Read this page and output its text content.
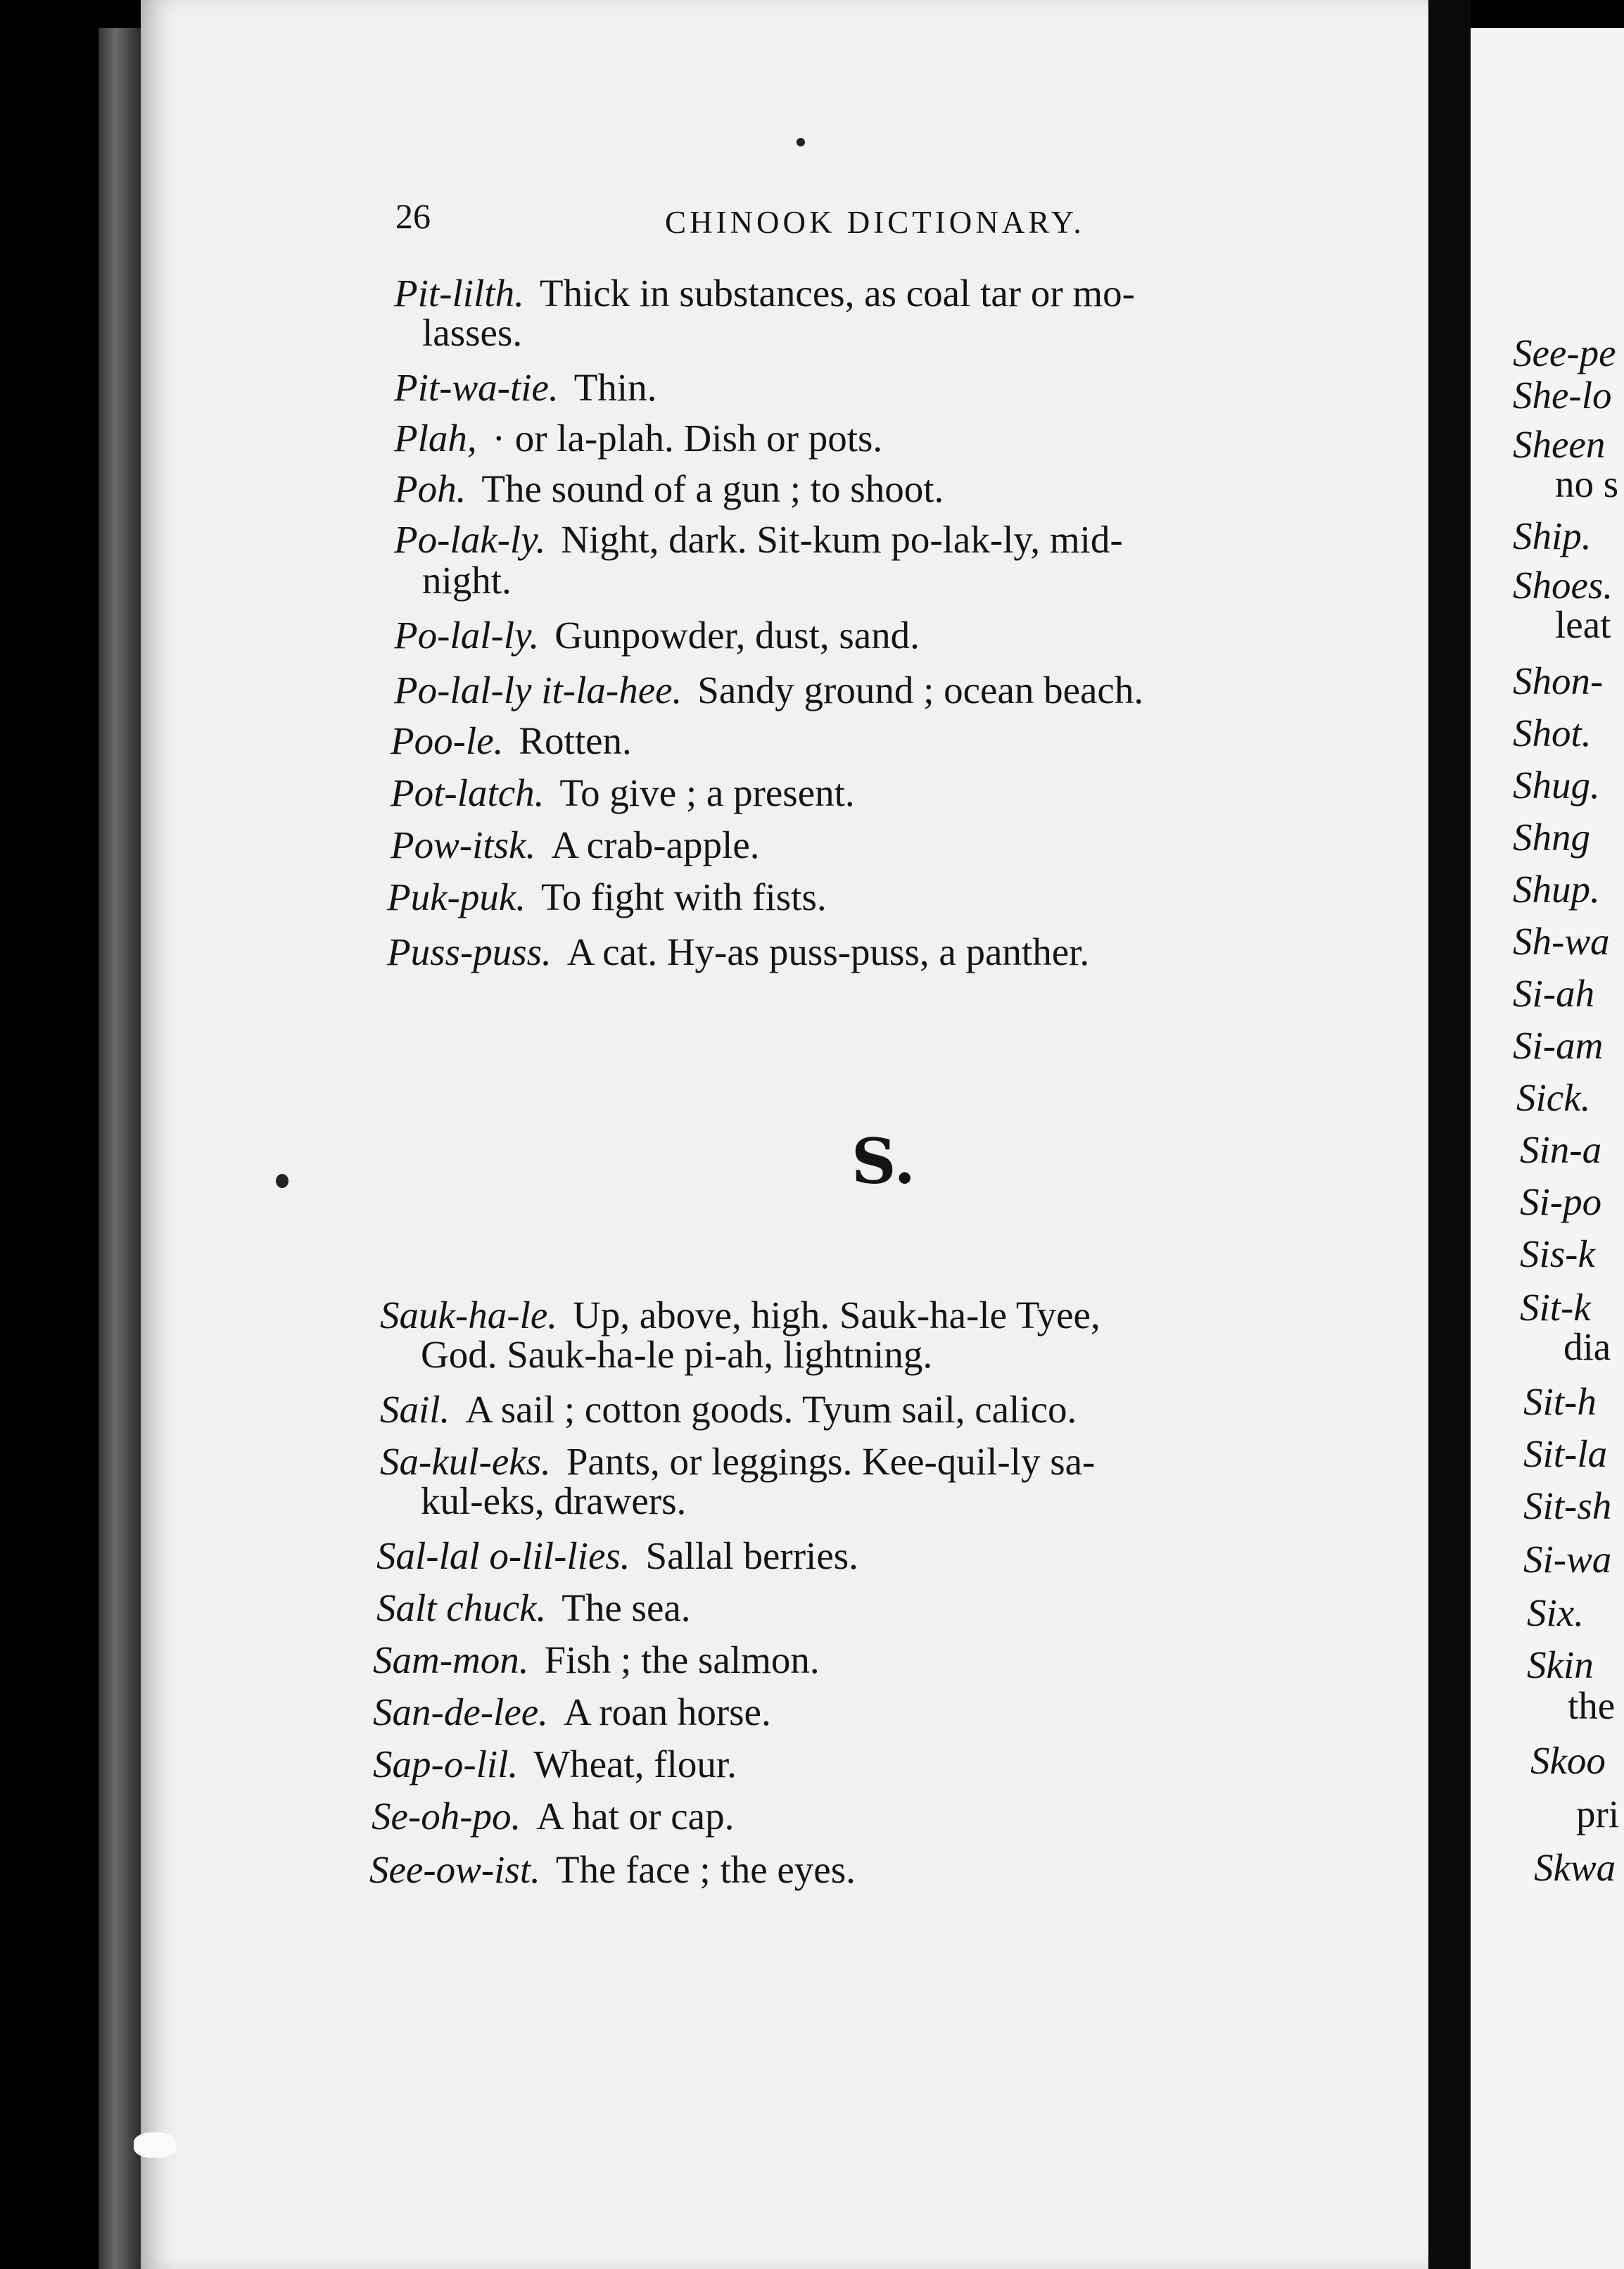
26	CHINOOK DICTIONARY.
Pit-lilth. Thick in substances, as coal tar or mo-
lasses.
Pit-wa-tie. Thin.
Plah, · or la-plah. Dish or pots.
Poh. The sound of a gun ; to shoot.
Po-lak-ly. Night, dark. Sit-kum po-lak-ly, mid-
night.
Po-lal-ly. Gunpowder, dust, sand.
Po-lal-ly it-la-hee. Sandy ground ; ocean beach.
Poo-le. Rotten.
Pot-latch. To give ; a present.
Pow-itsk. A crab-apple.
Puk-puk. To fight with fists.
Puss-puss. A cat. Hy-as puss-puss, a panther.
S.
Sauk-ha-le. Up, above, high. Sauk-ha-le Tyee,
God. Sauk-ha-le pi-ah, lightning.
Sail. A sail ; cotton goods. Tyum sail, calico.
Sa-kul-eks. Pants, or leggings. Kee-quil-ly sa-
kul-eks, drawers.
Sal-lal o-lil-lies. Sallal berries.
Salt chuck. The sea.
Sam-mon. Fish ; the salmon.
San-de-lee. A roan horse.
Sap-o-lil. Wheat, flour.
Se-oh-po. A hat or cap.
See-ow-ist. The face ; the eyes.
See-pe
She-lo
Sheen
no s
Ship.
Shoes.
leat
Shon-
Shot.
Shug.
Shng
Shup.
Sh-wa
Si-ah
Si-am
Sick.
Sin-a
Si-po
Sis-k
Sit-k
dia
Sit-h
Sit-la
Sit-sh
Si-wa
Six.
Skin
the
Skoo
pri
Skwa
